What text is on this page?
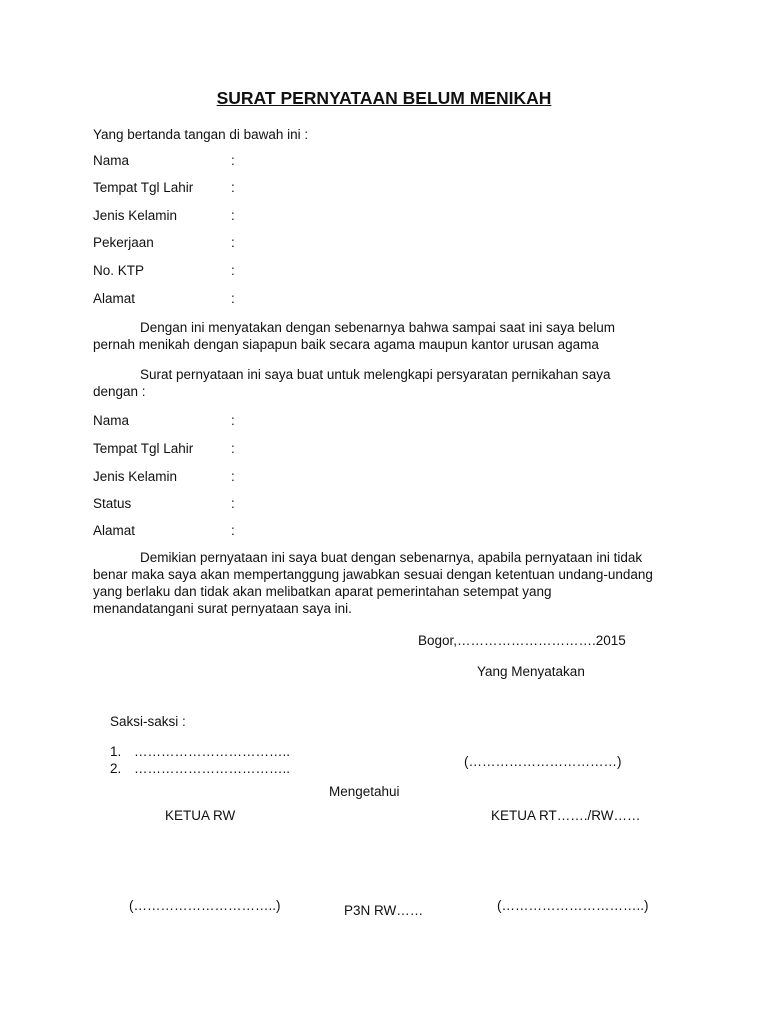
SURAT PERNYATAAN BELUM MENIKAH
Yang bertanda tangan di bawah ini :
Nama	:
Tempat Tgl Lahir	:
Jenis Kelamin	:
Pekerjaan	:
No. KTP	:
Alamat	:

Dengan ini menyatakan dengan sebenarnya bahwa sampai saat ini saya belum pernah menikah dengan siapapun baik secara agama maupun kantor urusan agama

Surat pernyataan ini saya buat untuk melengkapi persyaratan pernikahan saya dengan :

Nama	:
Tempat Tgl Lahir	:
Jenis Kelamin	:
Status	:
Alamat	:

Demikian pernyataan ini saya buat dengan sebenarnya, apabila pernyataan ini tidak benar maka saya akan mempertanggung jawabkan sesuai dengan ketentuan undang-undang yang berlaku dan tidak akan melibatkan aparat pemerintahan setempat yang menandatangani surat pernyataan saya ini.

Bogor,………………………….2015
Yang Menyatakan
Saksi-saksi :
1. ……………………………..
2. ……………………………..	(……………………………)
Mengetahui
KETUA RW	KETUA RT……./RW……
(…………………………..)	P3N RW……	(…………………………..)
